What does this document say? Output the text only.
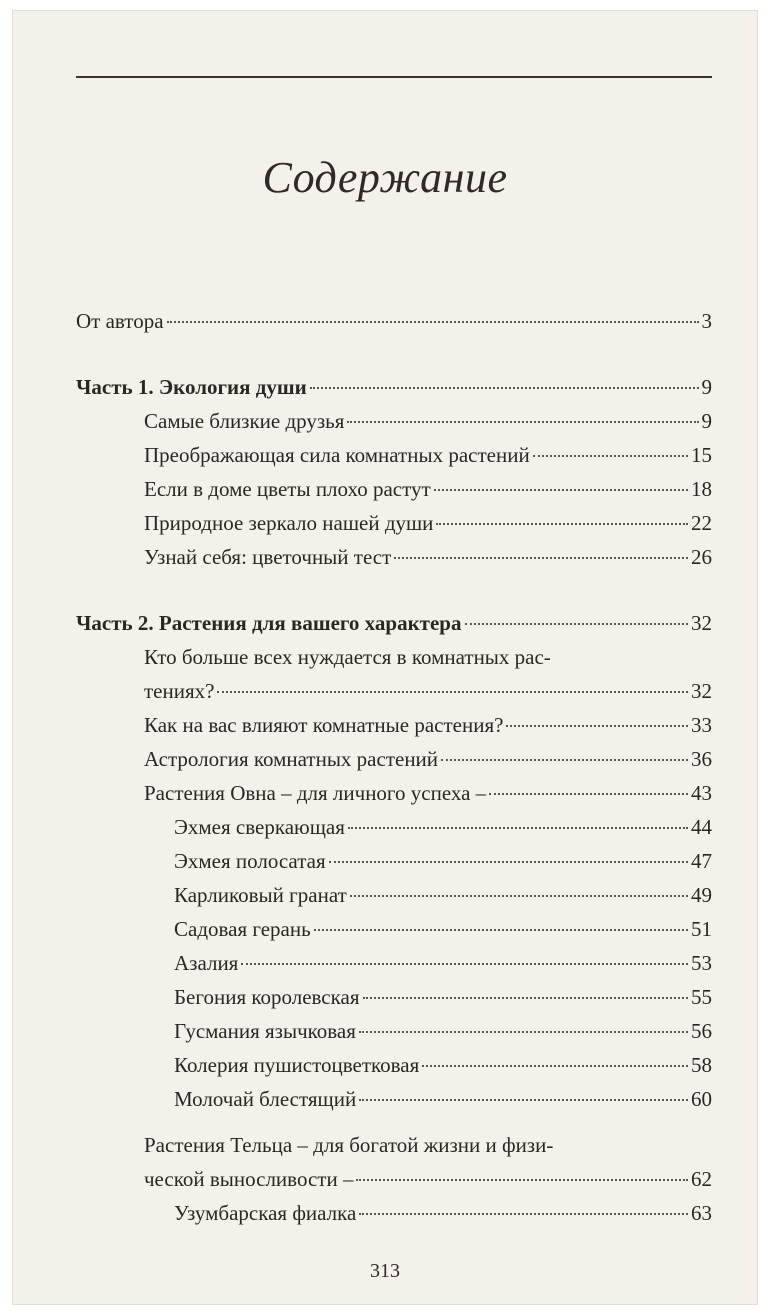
Содержание
От автора	3
Часть 1. Экология души	9
Самые близкие друзья	9
Преображающая сила комнатных растений	15
Если в доме цветы плохо растут	18
Природное зеркало нашей души	22
Узнай себя: цветочный тест	26
Часть 2. Растения для вашего характера	32
Кто больше всех нуждается в комнатных рас-
тениях?	32
Как на вас влияют комнатные растения?	33
Астрология комнатных растений	36
Растения Овна – для личного успеха –	43
Эхмея сверкающая	44
Эхмея полосатая	47
Карликовый гранат	49
Садовая герань	51
Азалия	53
Бегония королевская	55
Гусмания язычковая	56
Колерия пушистоцветковая	58
Молочай блестящий	60
Растения Тельца – для богатой жизни и физи-
ческой выносливости –	62
Узумбарская фиалка	63
313
